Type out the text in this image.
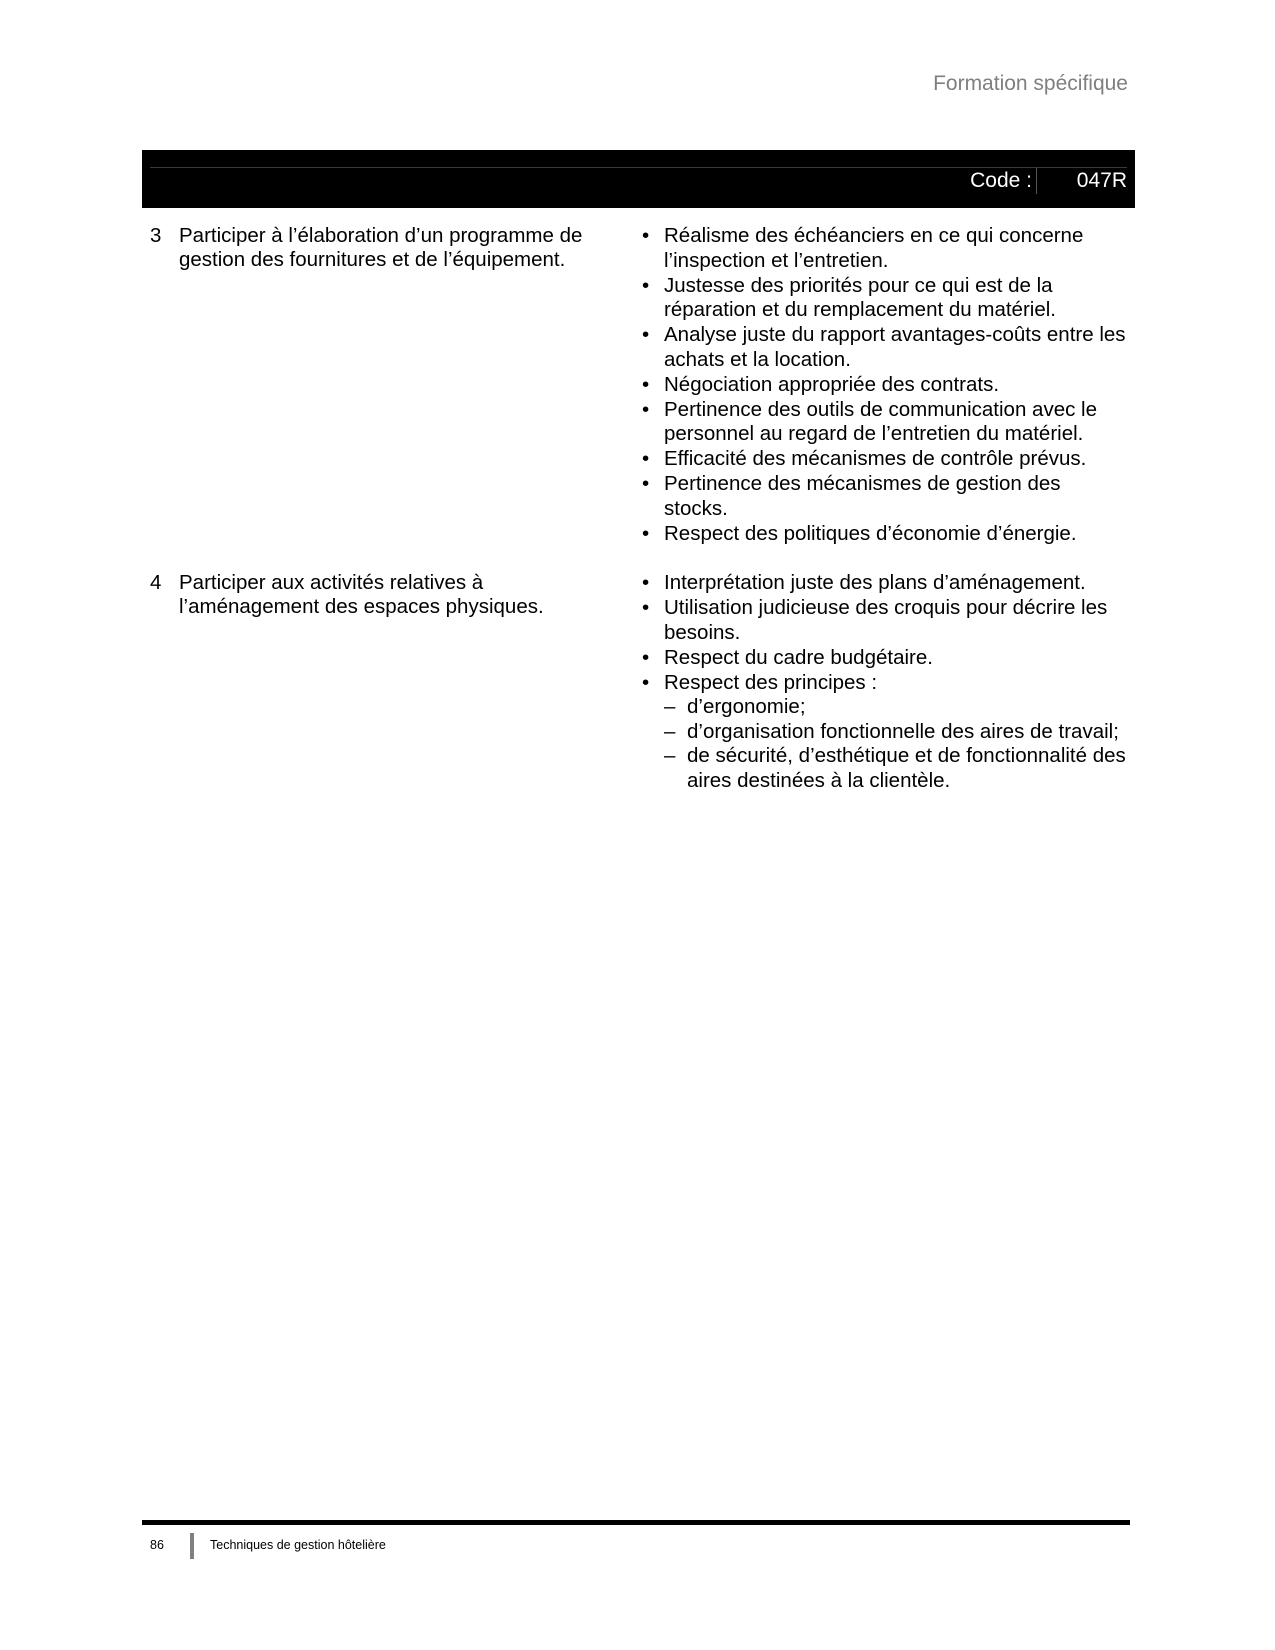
Formation spécifique
Code : 047R
3 Participer à l’élaboration d’un programme de gestion des fournitures et de l’équipement.
• Réalisme des échéanciers en ce qui concerne l’inspection et l’entretien.
• Justesse des priorités pour ce qui est de la réparation et du remplacement du matériel.
• Analyse juste du rapport avantages-coûts entre les achats et la location.
• Négociation appropriée des contrats.
• Pertinence des outils de communication avec le personnel au regard de l’entretien du matériel.
• Efficacité des mécanismes de contrôle prévus.
• Pertinence des mécanismes de gestion des stocks.
• Respect des politiques d’économie d’énergie.
4 Participer aux activités relatives à l’aménagement des espaces physiques.
• Interprétation juste des plans d’aménagement.
• Utilisation judicieuse des croquis pour décrire les besoins.
• Respect du cadre budgétaire.
• Respect des principes :
– d’ergonomie;
– d’organisation fonctionnelle des aires de travail;
– de sécurité, d’esthétique et de fonctionnalité des aires destinées à la clientèle.
86	Techniques de gestion hôtelière
